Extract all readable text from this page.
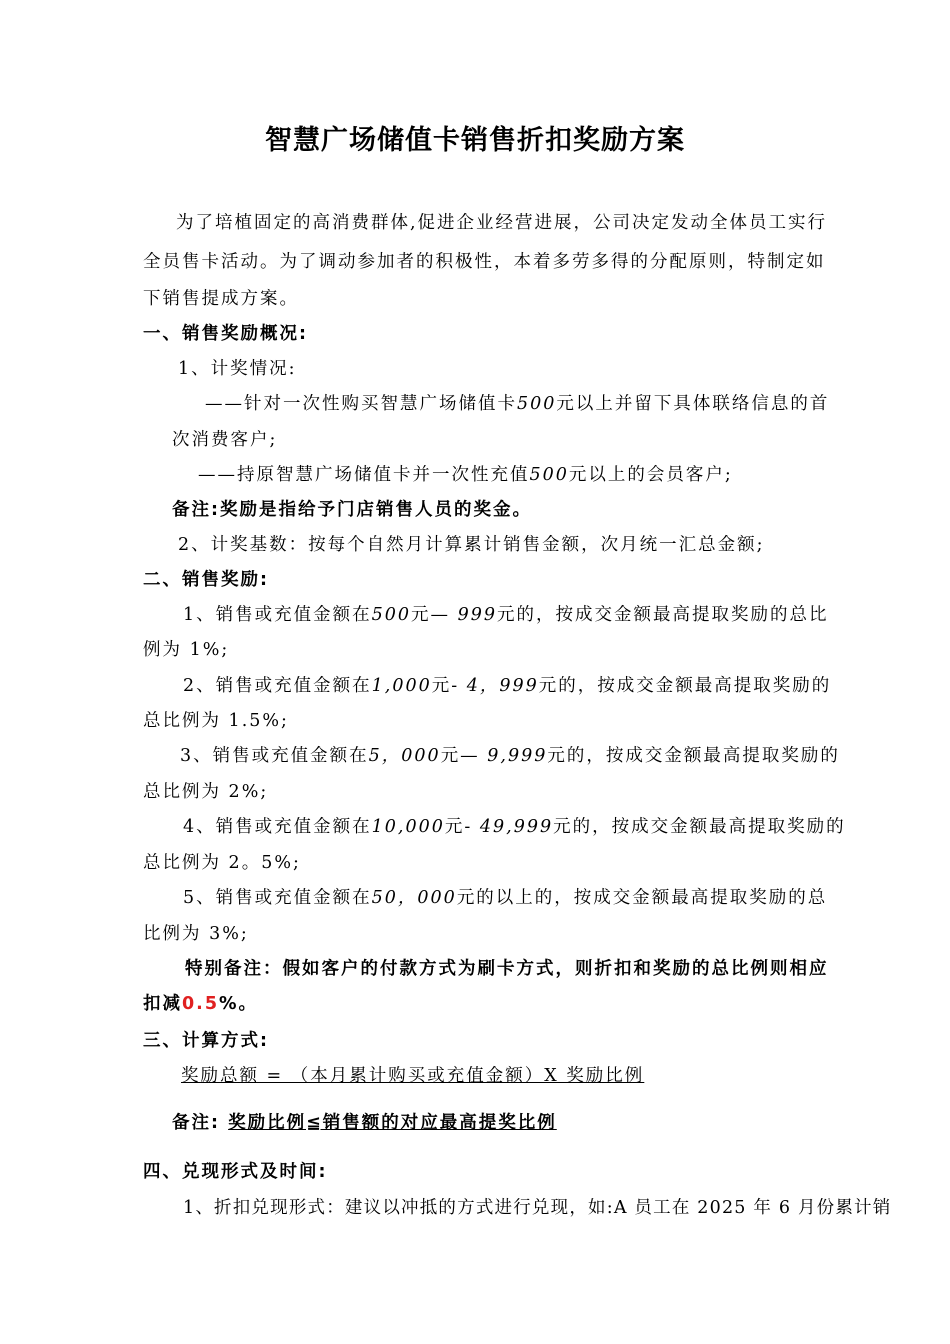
智慧广场储值卡销售折扣奖励方案
为了培植固定的高消费群体,促进企业经营进展，公司决定发动全体员工实行
全员售卡活动。为了调动参加者的积极性，本着多劳多得的分配原则，特制定如
下销售提成方案。
一、销售奖励概况:
1、计奖情况:
——针对一次性购买智慧广场储值卡500元以上并留下具体联络信息的首
次消费客户;
——持原智慧广场储值卡并一次性充值500元以上的会员客户;
备注:奖励是指给予门店销售人员的奖金。
2、计奖基数：按每个自然月计算累计销售金额，次月统一汇总金额;
二、销售奖励:
1、销售或充值金额在500元— 999元的，按成交金额最高提取奖励的总比
例为 1%;
2、销售或充值金额在1,000元- 4，999元的，按成交金额最高提取奖励的
总比例为 1.5%;
3、销售或充值金额在5，000元— 9,999元的，按成交金额最高提取奖励的
总比例为 2%;
4、销售或充值金额在10,000元- 49,999元的，按成交金额最高提取奖励的
总比例为 2。5%;
5、销售或充值金额在50，000元的以上的，按成交金额最高提取奖励的总
比例为 3%;
特别备注：假如客户的付款方式为刷卡方式，则折扣和奖励的总比例则相应
扣减0.5%。
三、计算方式:
奖励总额 = （本月累计购买或充值金额）X 奖励比例
备注: 奖励比例≦销售额的对应最高提奖比例
四、兑现形式及时间:
1、折扣兑现形式：建议以冲抵的方式进行兑现，如:A 员工在 2025 年 6 月份累计销
